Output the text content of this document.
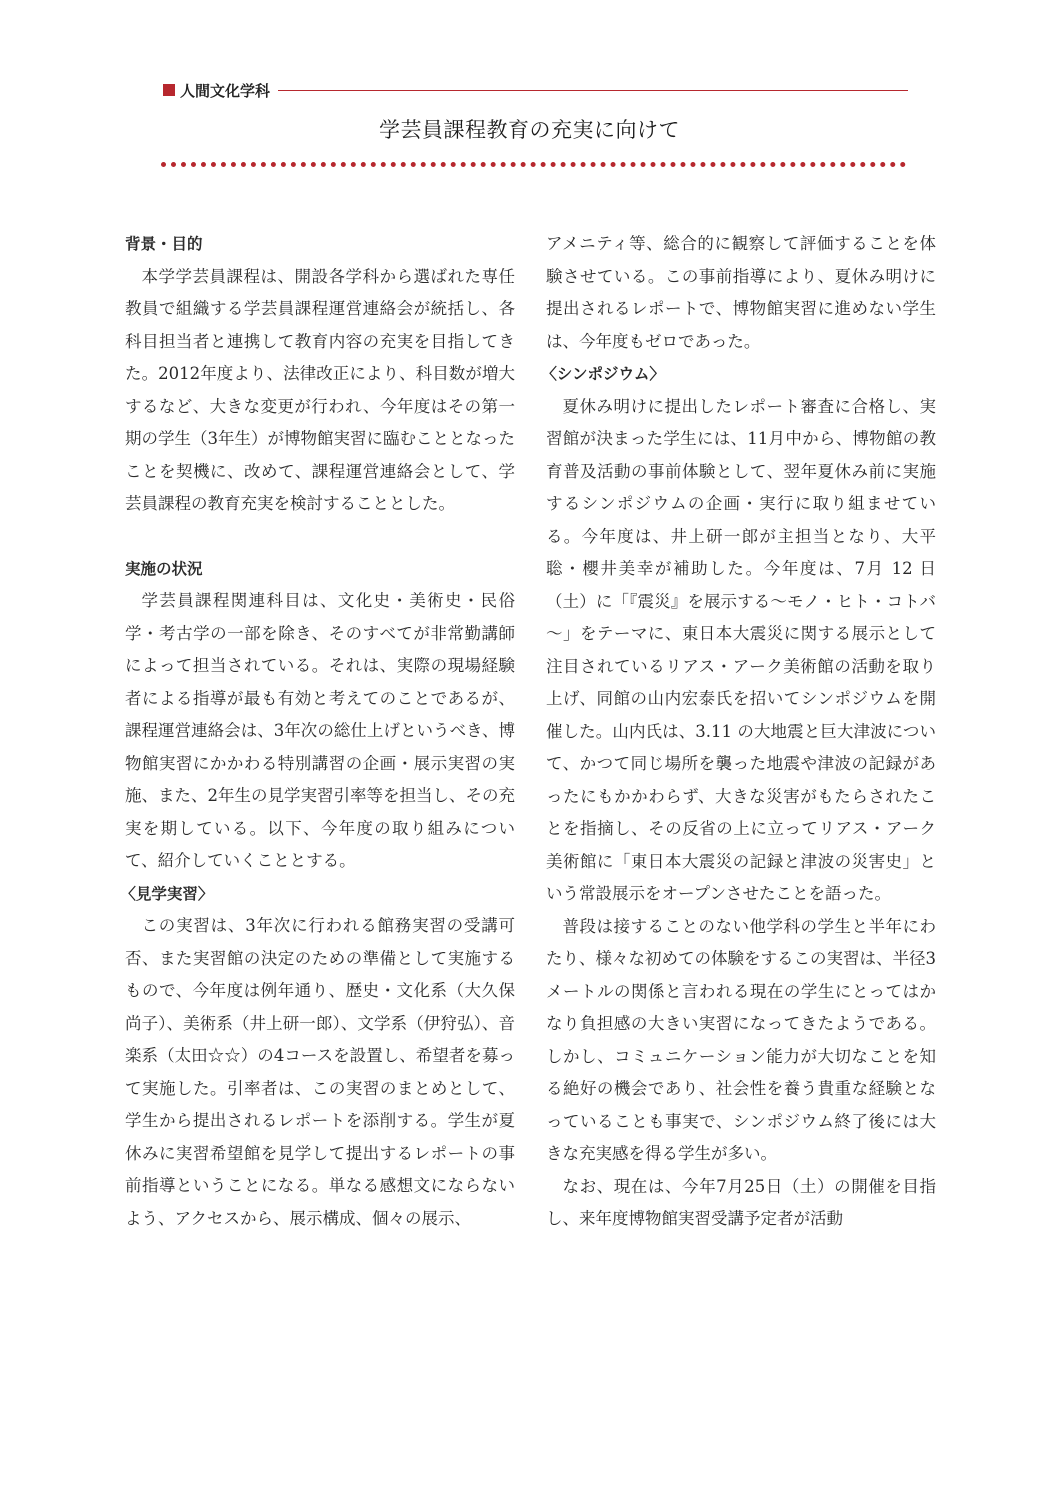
人間文化学科
学芸員課程教育の充実に向けて

背景・目的

本学学芸員課程は、開設各学科から選ばれた専任教員で組織する学芸員課程運営連絡会が統括し、各科目担当者と連携して教育内容の充実を目指してきた。2012年度より、法律改正により、科目数が増大するなど、大きな変更が行われ、今年度はその第一期の学生（3年生）が博物館実習に臨むこととなったことを契機に、改めて、課程運営連絡会として、学芸員課程の教育充実を検討することとした。

実施の状況

学芸員課程関連科目は、文化史・美術史・民俗学・考古学の一部を除き、そのすべてが非常勤講師によって担当されている。それは、実際の現場経験者による指導が最も有効と考えてのことであるが、課程運営連絡会は、3年次の総仕上げというべき、博物館実習にかかわる特別講習の企画・展示実習の実施、また、2年生の見学実習引率等を担当し、その充実を期している。以下、今年度の取り組みについて、紹介していくこととする。

〈見学実習〉

この実習は、3年次に行われる館務実習の受講可否、また実習館の決定のための準備として実施するもので、今年度は例年通り、歴史・文化系（大久保尚子）、美術系（井上研一郎）、文学系（伊狩弘）、音楽系（太田☆☆）の4コースを設置し、希望者を募って実施した。引率者は、この実習のまとめとして、学生から提出されるレポートを添削する。学生が夏休みに実習希望館を見学して提出するレポートの事前指導ということになる。単なる感想文にならないよう、アクセスから、展示構成、個々の展示、

アメニティ等、総合的に観察して評価することを体験させている。この事前指導により、夏休み明けに提出されるレポートで、博物館実習に進めない学生は、今年度もゼロであった。

〈シンポジウム〉

夏休み明けに提出したレポート審査に合格し、実習館が決まった学生には、11月中から、博物館の教育普及活動の事前体験として、翌年夏休み前に実施するシンポジウムの企画・実行に取り組ませている。今年度は、井上研一郎が主担当となり、大平聡・櫻井美幸が補助した。今年度は、7月 12 日（土）に「『震災』を展示する～モノ・ヒト・コトバ～」をテーマに、東日本大震災に関する展示として注目されているリアス・アーク美術館の活動を取り上げ、同館の山内宏泰氏を招いてシンポジウムを開催した。山内氏は、3.11 の大地震と巨大津波について、かつて同じ場所を襲った地震や津波の記録があったにもかかわらず、大きな災害がもたらされたことを指摘し、その反省の上に立ってリアス・アーク美術館に「東日本大震災の記録と津波の災害史」という常設展示をオープンさせたことを語った。

普段は接することのない他学科の学生と半年にわたり、様々な初めての体験をするこの実習は、半径3メートルの関係と言われる現在の学生にとってはかなり負担感の大きい実習になってきたようである。しかし、コミュニケーション能力が大切なことを知る絶好の機会であり、社会性を養う貴重な経験となっていることも事実で、シンポジウム終了後には大きな充実感を得る学生が多い。

なお、現在は、今年7月25日（土）の開催を目指し、来年度博物館実習受講予定者が活動
